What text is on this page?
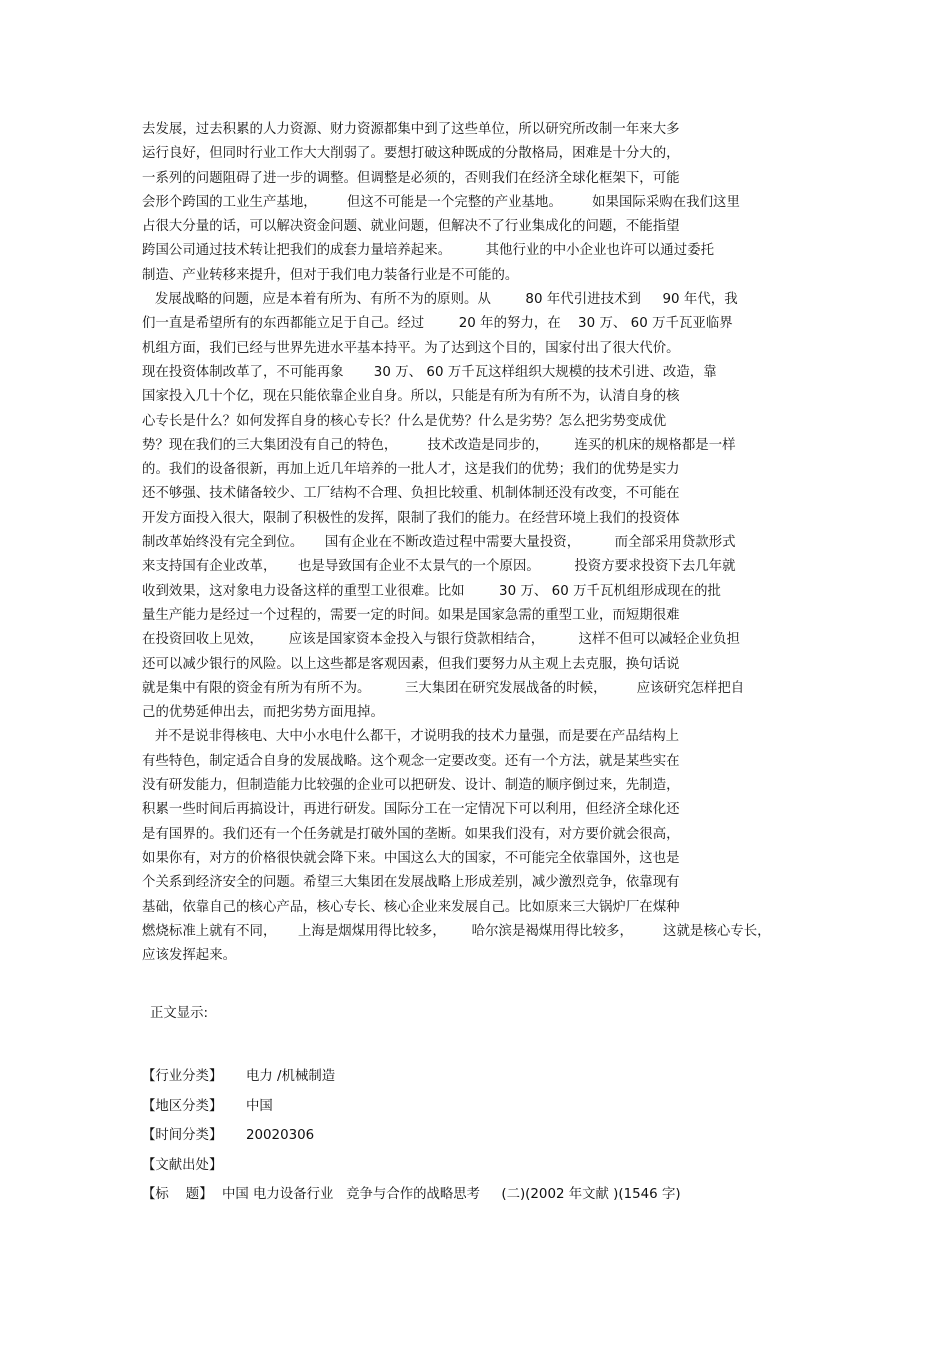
去发展，过去积累的人力资源、财力资源都集中到了这些单位，所以研究所改制一年来大多
运行良好，但同时行业工作大大削弱了。要想打破这种既成的分散格局，困难是十分大的，
一系列的问题阻碍了进一步的调整。但调整是必须的，否则我们在经济全球化框架下，可能
会形个跨国的工业生产基地，       但这不可能是一个完整的产业基地。       如果国际采购在我们这里
占很大分量的话，可以解决资金问题、就业问题，但解决不了行业集成化的问题，不能指望
跨国公司通过技术转让把我们的成套力量培养起来。        其他行业的中小企业也许可以通过委托
制造、产业转移来提升，但对于我们电力装备行业是不可能的。
发展战略的问题，应是本着有所为、有所不为的原则。从        80 年代引进技术到     90 年代，我
们一直是希望所有的东西都能立足于自己。经过        20 年的努力，在    30 万、 60 万千瓦亚临界
机组方面，我们已经与世界先进水平基本持平。为了达到这个目的，国家付出了很大代价。
现在投资体制改革了，不可能再象       30 万、 60 万千瓦这样组织大规模的技术引进、改造，靠
国家投入几十个亿，现在只能依靠企业自身。所以，只能是有所为有所不为，认清自身的核
心专长是什么？如何发挥自身的核心专长？什么是优势？什么是劣势？怎么把劣势变成优
势？现在我们的三大集团没有自己的特色，       技术改造是同步的，      连买的机床的规格都是一样
的。我们的设备很新，再加上近几年培养的一批人才，这是我们的优势；我们的优势是实力
还不够强、技术储备较少、工厂结构不合理、负担比较重、机制体制还没有改变，不可能在
开发方面投入很大，限制了积极性的发挥，限制了我们的能力。在经营环境上我们的投资体
制改革始终没有完全到位。     国有企业在不断改造过程中需要大量投资，        而全部采用贷款形式
来支持国有企业改革，     也是导致国有企业不太景气的一个原因。        投资方要求投资下去几年就
收到效果，这对象电力设备这样的重型工业很难。比如        30 万、 60 万千瓦机组形成现在的批
量生产能力是经过一个过程的，需要一定的时间。如果是国家急需的重型工业，而短期很难
在投资回收上见效，      应该是国家资本金投入与银行贷款相结合，        这样不但可以减轻企业负担
还可以减少银行的风险。以上这些都是客观因素，但我们要努力从主观上去克服，换句话说
就是集中有限的资金有所为有所不为。        三大集团在研究发展战备的时候，       应该研究怎样把自
己的优势延伸出去，而把劣势方面甩掉。
并不是说非得核电、大中小水电什么都干，才说明我的技术力量强，而是要在产品结构上
有些特色，制定适合自身的发展战略。这个观念一定要改变。还有一个方法，就是某些实在
没有研发能力，但制造能力比较强的企业可以把研发、设计、制造的顺序倒过来，先制造，
积累一些时间后再搞设计，再进行研发。国际分工在一定情况下可以利用，但经济全球化还
是有国界的。我们还有一个任务就是打破外国的垄断。如果我们没有，对方要价就会很高，
如果你有，对方的价格很快就会降下来。中国这么大的国家，不可能完全依靠国外，这也是
个关系到经济安全的问题。希望三大集团在发展战略上形成差别，减少激烈竞争，依靠现有
基础，依靠自己的核心产品，核心专长、核心企业来发展自己。比如原来三大锅炉厂在煤种
燃烧标准上就有不同，     上海是烟煤用得比较多，      哈尔滨是褐煤用得比较多，       这就是核心专长，
应该发挥起来。
正文显示:
【行业分类】 电力 /机械制造
【地区分类】 中国
【时间分类】 20020306
【文献出处】
【标    题】 中国 电力设备行业   竞争与合作的战略思考     (二)(2002 年文献 )(1546 字)
